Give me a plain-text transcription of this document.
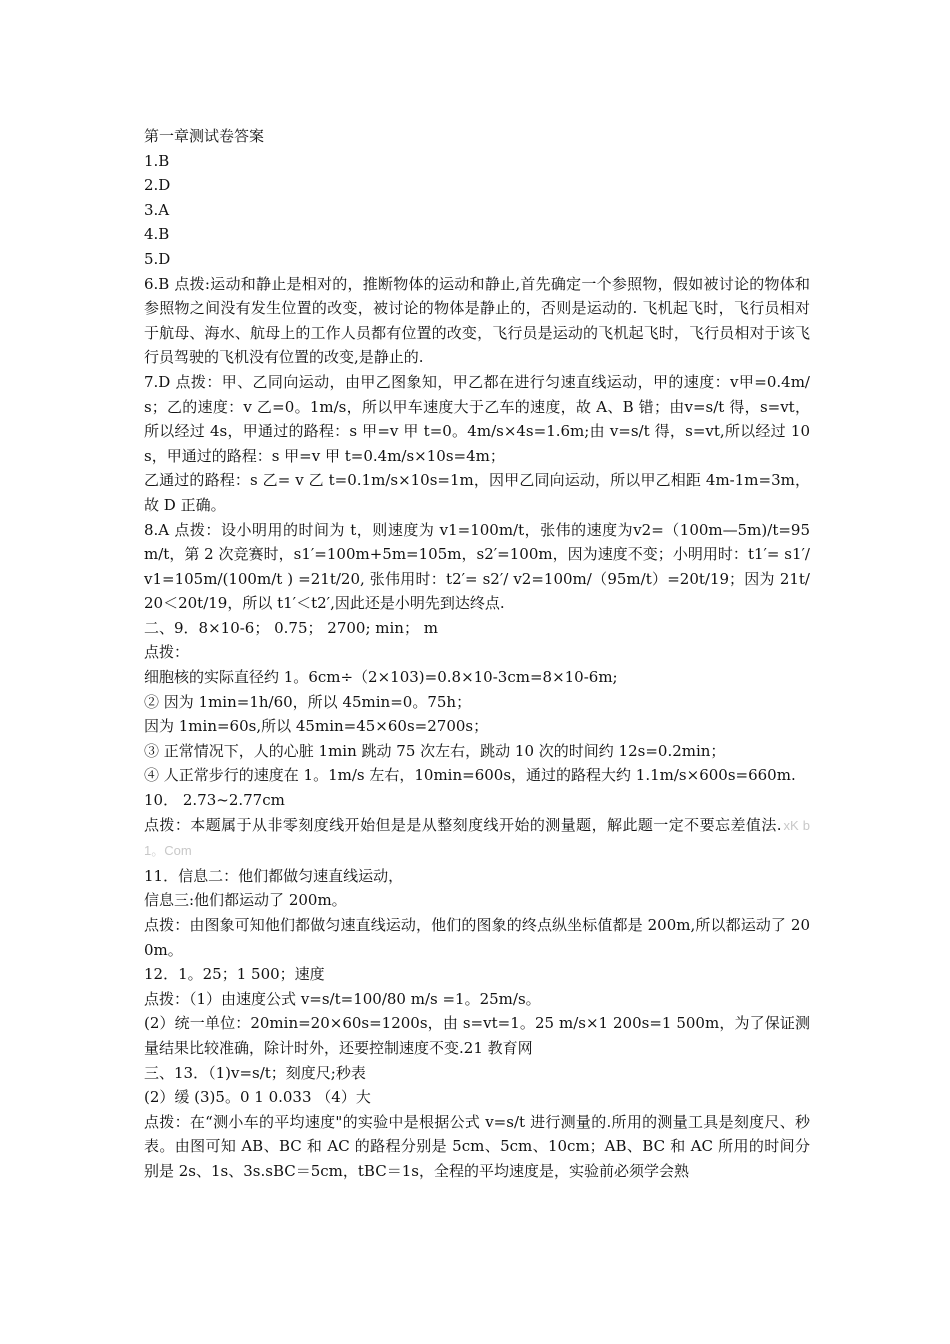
第一章测试卷答案

1.B

2.D

3.A

4.B

5.D

6.B 点拨:运动和静止是相对的，推断物体的运动和静止,首先确定一个参照物，假如被讨论的物体和参照物之间没有发生位置的改变，被讨论的物体是静止的，否则是运动的. 飞机起飞时，飞行员相对于航母、海水、航母上的工作人员都有位置的改变，飞行员是运动的飞机起飞时，飞行员相对于该飞行员驾驶的飞机没有位置的改变,是静止的.

7.D 点拨：甲、乙同向运动，由甲乙图象知，甲乙都在进行匀速直线运动，甲的速度：v甲=0.4m/s；乙的速度：v 乙=0。1m/s，所以甲车速度大于乙车的速度，故 A、B 错；由v=s/t 得，s=vt，所以经过 4s，甲通过的路程：s 甲=v 甲 t=0。4m/s×4s=1.6m;由 v=s/t 得，s=vt,所以经过 10s，甲通过的路程：s 甲=v 甲 t=0.4m/s×10s=4m；

乙通过的路程：s 乙= v 乙 t=0.1m/s×10s=1m，因甲乙同向运动，所以甲乙相距 4m-1m=3m，故 D 正确。

8.A 点拨：设小明用的时间为 t，则速度为 v1=100m/t，张伟的速度为v2=（100m—5m)/t=95m/t，第 2 次竞赛时，s1′=100m+5m=105m，s2′=100m，因为速度不变；小明用时：t1′= s1′/ v1=105m/(100m/t ) =21t/20, 张伟用时：t2′= s2′/ v2=100m/（95m/t）=20t/19；因为 21t/20＜20t/19，所以 t1′＜t2′,因此还是小明先到达终点.

二、9．8×10-6； 0.75； 2700; min； m

点拨：

细胞核的实际直径约 1。6cm÷（2×103)=0.8×10-3cm=8×10-6m;

② 因为 1min=1h/60，所以 45min=0。75h；

因为 1min=60s,所以 45min=45×60s=2700s；

③ 正常情况下，人的心脏 1min 跳动 75 次左右，跳动 10 次的时间约 12s=0.2min；

④ 人正常步行的速度在 1。1m/s 左右，10min=600s，通过的路程大约 1.1m/s×600s=660m.

10． 2.73~2.77cm

点拨：本题属于从非零刻度线开始但是是从整刻度线开始的测量题，解此题一定不要忘差值法. xK b1。Com

11．信息二：他们都做匀速直线运动，

信息三:他们都运动了 200m。

点拨：由图象可知他们都做匀速直线运动，他们的图象的终点纵坐标值都是 200m,所以都运动了 200m。

12．1。25；1 500；速度

点拨：（1）由速度公式 v=s/t=100/80 m/s =1。25m/s。

(2）统一单位：20min=20×60s=1200s，由 s=vt=1。25 m/s×1 200s=1 500m，为了保证测量结果比较准确，除计时外，还要控制速度不变.21 教育网

三、13．（1)v=s/t；刻度尺;秒表

(2）缓 (3)5。0 1 0.033 （4）大

点拨：在“测小车的平均速度"的实验中是根据公式 v=s/t 进行测量的.所用的测量工具是刻度尺、秒表。由图可知 AB、BC 和 AC 的路程分别是 5cm、5cm、10cm；AB、BC 和 AC 所用的时间分别是 2s、1s、3s.sBC＝5cm，tBC＝1s，全程的平均速度是，实验前必须学会熟
